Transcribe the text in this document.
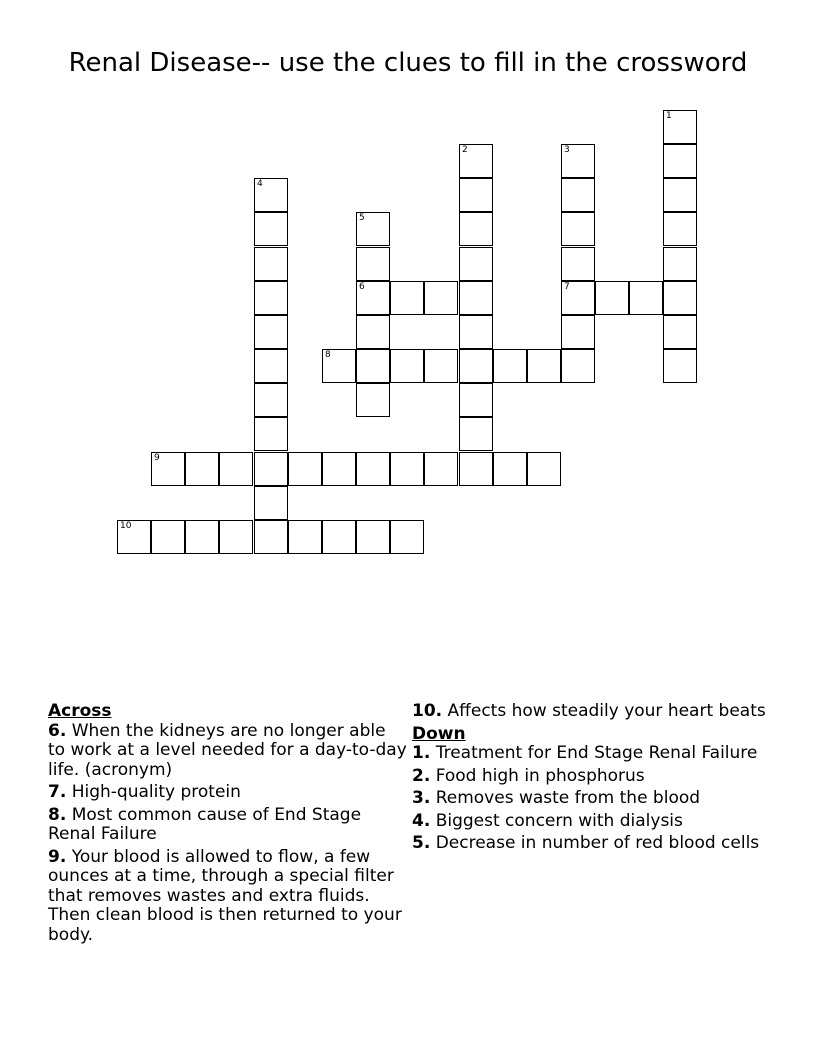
Renal Disease-- use the clues to fill in the crossword
1
2	3
7
4
5
6
8
9
10
Across
6. When the kidneys are no longer able to work at a level needed for a day-to-day life. (acronym)
7. High-quality protein
8. Most common cause of End Stage Renal Failure
9. Your blood is allowed to flow, a few ounces at a time, through a special filter that removes wastes and extra fluids. Then clean blood is then returned to your body.
10. Affects how steadily your heart beats
Down
1. Treatment for End Stage Renal Failure
2. Food high in phosphorus
3. Removes waste from the blood
4. Biggest concern with dialysis
5. Decrease in number of red blood cells
